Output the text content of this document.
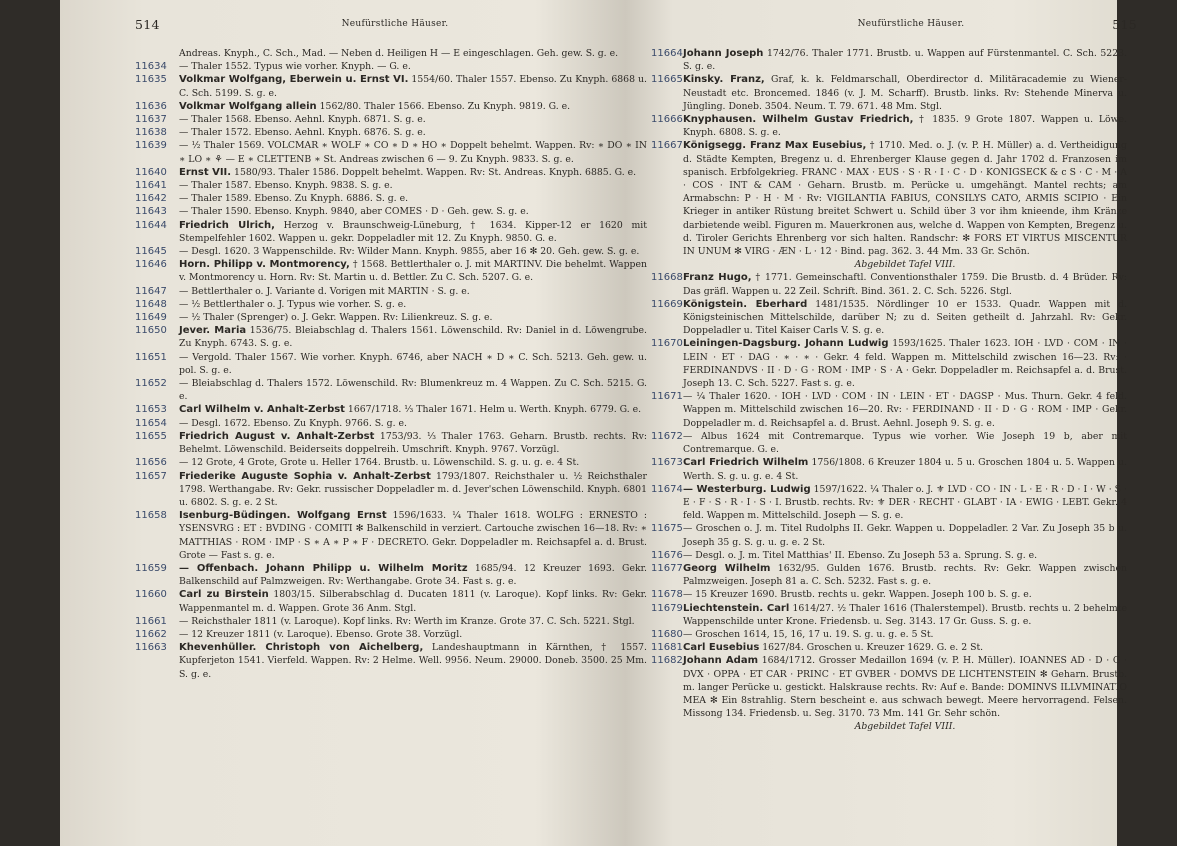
514	Neufürstliche Häuser.
Andreas. Knyph., C. Sch., Mad. — Neben d. Heiligen H — E eingeschlagen. Geh. gew. S. g. e.
11634 — Thaler 1552. Typus wie vorher. Knyph. — G. e.
11635 Volkmar Wolfgang, Eberwein u. Ernst VI. 1554/60. Thaler 1557. Ebenso. Zu Knyph. 6868 u. C. Sch. 5199. S. g. e.
11636 Volkmar Wolfgang allein 1562/80. Thaler 1566. Ebenso. Zu Knyph. 9819. G. e.
11637 — Thaler 1568. Ebenso. Aehnl. Knyph. 6871. S. g. e.
11638 — Thaler 1572. Ebenso. Aehnl. Knyph. 6876. S. g. e.
11639 — ½ Thaler 1569. VOLCMAR ∗ WOLF ∗ CO ∗ D ∗ HO ∗ Doppelt behelmt. Wappen. Rv: ∗ DO ∗ IN ∗ LO ∗ ⚘ — E ∗ CLETTENB ∗ St. Andreas zwischen 6 — 9. Zu Knyph. 9833. S. g. e.
11640 Ernst VII. 1580/93. Thaler 1586. Doppelt behelmt. Wappen. Rv: St. Andreas. Knyph. 6885. G. e.
11641 — Thaler 1587. Ebenso. Knyph. 9838. S. g. e.
11642 — Thaler 1589. Ebenso. Zu Knyph. 6886. S. g. e.
11643 — Thaler 1590. Ebenso. Knyph. 9840, aber COMES · D · Geh. gew. S. g. e.
11644 Friedrich Ulrich, Herzog v. Braunschweig-Lüneburg, † 1634. Kipper-12 er 1620 mit Stempelfehler 1602. Wappen u. gekr. Doppeladler mit 12. Zu Knyph. 9850. G. e.
11645 — Desgl. 1620. 3 Wappenschilde. Rv: Wilder Mann. Knyph. 9855, aber 16 ✻ 20. Geh. gew. S. g. e.
11646 Horn. Philipp v. Montmorency, † 1568. Bettlerthaler o. J. mit MARTINV. Die behelmt. Wappen v. Montmorency u. Horn. Rv: St. Martin u. d. Bettler. Zu C. Sch. 5207. G. e.
11647 — Bettlerthaler o. J. Variante d. Vorigen mit MARTIN · S. g. e.
11648 — ½ Bettlerthaler o. J. Typus wie vorher. S. g. e.
11649 — ½ Thaler (Sprenger) o. J. Gekr. Wappen. Rv: Lilienkreuz. S. g. e.
11650 Jever. Maria 1536/75. Bleiabschlag d. Thalers 1561. Löwenschild. Rv: Daniel in d. Löwengrube. Zu Knyph. 6743. S. g. e.
11651 — Vergold. Thaler 1567. Wie vorher. Knyph. 6746, aber NACH ∗ D ∗ C. Sch. 5213. Geh. gew. u. pol. S. g. e.
11652 — Bleiabschlag d. Thalers 1572. Löwenschild. Rv: Blumenkreuz m. 4 Wappen. Zu C. Sch. 5215. G. e.
11653 Carl Wilhelm v. Anhalt-Zerbst 1667/1718. ⅓ Thaler 1671. Helm u. Werth. Knyph. 6779. G. e.
11654 — Desgl. 1672. Ebenso. Zu Knyph. 9766. S. g. e.
11655 Friedrich August v. Anhalt-Zerbst 1753/93. ⅓ Thaler 1763. Geharn. Brustb. rechts. Rv: Behelmt. Löwenschild. Beiderseits doppelreih. Umschrift. Knyph. 9767. Vorzügl.
11656 — 12 Grote, 4 Grote, Grote u. Heller 1764. Brustb. u. Löwenschild. S. g. u. g. e. 4 St.
11657 Friederike Auguste Sophia v. Anhalt-Zerbst 1793/1807. Reichsthaler u. ½ Reichsthaler 1798. Werthangabe. Rv: Gekr. russischer Doppeladler m. d. Jever'schen Löwenschild. Knyph. 6801 u. 6802. S. g. e. 2 St.
11658 Isenburg-Büdingen. Wolfgang Ernst 1596/1633. ¼ Thaler 1618. WOLFG : ERNESTO : YSENSVRG : ET : BVDING · COMITI ✻ Balkenschild in verziert. Cartouche zwischen 16—18. Rv: ∗ MATTHIAS · ROM · IMP · S ∗ A ∗ P ∗ F · DECRETO. Gekr. Doppeladler m. Reichsapfel a. d. Brust. Grote — Fast s. g. e.
11659 — Offenbach. Johann Philipp u. Wilhelm Moritz 1685/94. 12 Kreuzer 1693. Gekr. Balkenschild auf Palmzweigen. Rv: Werthangabe. Grote 34. Fast s. g. e.
11660 Carl zu Birstein 1803/15. Silberabschlag d. Ducaten 1811 (v. Laroque). Kopf links. Rv: Gekr. Wappenmantel m. d. Wappen. Grote 36 Anm. Stgl.
11661 — Reichsthaler 1811 (v. Laroque). Kopf links. Rv: Werth im Kranze. Grote 37. C. Sch. 5221. Stgl.
11662 — 12 Kreuzer 1811 (v. Laroque). Ebenso. Grote 38. Vorzügl.
11663 Khevenhüller. Christoph von Aichelberg, Landeshauptmann in Kärnthen, † 1557. Kupferjeton 1541. Vierfeld. Wappen. Rv: 2 Helme. Well. 9956. Neum. 29000. Doneb. 3500. 25 Mm. S. g. e.
515
Neufürstliche Häuser.
11664 Johann Joseph 1742/76. Thaler 1771. Brustb. u. Wappen auf Fürstenmantel. C. Sch. 5223. S. g. e.
11665 Kinsky. Franz, Graf, k. k. Feldmarschall, Oberdirector d. Militäracademie zu Wiener-Neustadt etc. Broncemed. 1846 (v. J. M. Scharff). Brustb. links. Rv: Stehende Minerva u. Jüngling. Doneb. 3504. Neum. T. 79. 671. 48 Mm. Stgl.
11666 Knyphausen. Wilhelm Gustav Friedrich, † 1835. 9 Grote 1807. Wappen u. Löwe. Knyph. 6808. S. g. e.
11667 Königsegg. Franz Max Eusebius, † 1710. Med. o. J. (v. P. H. Müller) a. d. Vertheidigung d. Städte Kempten, Bregenz u. d. Ehrenberger Klause gegen d. Jahr 1702 d. Franzosen im spanisch. Erbfolgekrieg. FRANC · MAX · EUS · S · R · I · C · D · KONIGSECK & c S · C · M · A · COS · INT & CAM · Geharn. Brustb. m. Perücke u. umgehängt. Mantel rechts; am Armabschn: P · H · M · Rv: VIGILANTIA FABIUS, CONSILYS CATO, ARMIS SCIPIO · Ein Krieger in antiker Rüstung breitet Schwert u. Schild über 3 vor ihm knieende, ihm Kränze darbietende weibl. Figuren m. Mauerkronen aus, welche d. Wappen von Kempten, Bregenz u. d. Tiroler Gerichts Ehrenberg vor sich halten. Randschr: ✻ FORS ET VIRTUS MISCENTUR IN UNUM ✻ VIRG · ÆN · L · 12 · Bind. pag. 362. 3. 44 Mm. 33 Gr. Schön.
Abgebildet Tafel VIII.
11668 Franz Hugo, † 1771. Gemeinschaftl. Conventionsthaler 1759. Die Brustb. d. 4 Brüder. Rv: Das gräfl. Wappen u. 22 Zeil. Schrift. Bind. 361. 2. C. Sch. 5226. Stgl.
11669 Königstein. Eberhard 1481/1535. Nördlinger 10 er 1533. Quadr. Wappen mit d. Königsteinischen Mittelschilde, darüber N; zu d. Seiten getheilt d. Jahrzahl. Rv: Gekr. Doppeladler u. Titel Kaiser Carls V. S. g. e.
11670 Leiningen-Dagsburg. Johann Ludwig 1593/1625. Thaler 1623. IOH · LVD · COM · IN · LEIN · ET · DAG · ∗ · ∗ · Gekr. 4 feld. Wappen m. Mittelschild zwischen 16—23. Rv: · FERDINANDVS · II · D · G · ROM · IMP · S · A · Gekr. Doppeladler m. Reichsapfel a. d. Brust. Joseph 13. C. Sch. 5227. Fast s. g. e.
11671 — ¼ Thaler 1620. · IOH · LVD · COM · IN · LEIN · ET · DAGSP · Mus. Thurn. Gekr. 4 feld. Wappen m. Mittelschild zwischen 16—20. Rv: · FERDINAND · II · D · G · ROM · IMP · Gekr. Doppeladler m. d. Reichsapfel a. d. Brust. Aehnl. Joseph 9. S. g. e.
11672 — Albus 1624 mit Contremarque. Typus wie vorher. Wie Joseph 19 b, aber mit Contremarque. G. e.
11673 Carl Friedrich Wilhelm 1756/1808. 6 Kreuzer 1804 u. 5 u. Groschen 1804 u. 5. Wappen u. Werth. S. g. u. g. e. 4 St.
11674 — Westerburg. Ludwig 1597/1622. ¼ Thaler o. J. ⚜ LVD · CO · IN · L · E · R · D · I · W · S · E · F · S · R · I · S · I. Brustb. rechts. Rv: ⚜ DER · RECHT · GLABT · IA · EWIG · LEBT. Gekr. 4 feld. Wappen m. Mittelschild. Joseph — S. g. e.
11675 — Groschen o. J. m. Titel Rudolphs II. Gekr. Wappen u. Doppeladler. 2 Var. Zu Joseph 35 b u. Joseph 35 g. S. g. u. g. e. 2 St.
11676 — Desgl. o. J. m. Titel Matthias' II. Ebenso. Zu Joseph 53 a. Sprung. S. g. e.
11677 Georg Wilhelm 1632/95. Gulden 1676. Brustb. rechts. Rv: Gekr. Wappen zwischen Palmzweigen. Joseph 81 a. C. Sch. 5232. Fast s. g. e.
11678 — 15 Kreuzer 1690. Brustb. rechts u. gekr. Wappen. Joseph 100 b. S. g. e.
11679 Liechtenstein. Carl 1614/27. ½ Thaler 1616 (Thalerstempel). Brustb. rechts u. 2 behelmte Wappenschilde unter Krone. Friedensb. u. Seg. 3143. 17 Gr. Guss. S. g. e.
11680 — Groschen 1614, 15, 16, 17 u. 19. S. g. u. g. e. 5 St.
11681 Carl Eusebius 1627/84. Groschen u. Kreuzer 1629. G. e. 2 St.
11682 Johann Adam 1684/1712. Grosser Medaillon 1694 (v. P. H. Müller). IOANNES AD · D · G · DVX · OPPA · ET CAR · PRINC · ET GVBER · DOMVS DE LICHTENSTEIN ✻ Geharn. Brustb. m. langer Perücke u. gestickt. Halskrause rechts. Rv: Auf e. Bande: DOMINVS ILLVMINATIO MEA ✻ Ein 8strahlig. Stern bescheint e. aus schwach bewegt. Meere hervorragend. Felsen. Missong 134. Friedensb. u. Seg. 3170. 73 Mm. 141 Gr. Sehr schön.
Abgebildet Tafel VIII.
